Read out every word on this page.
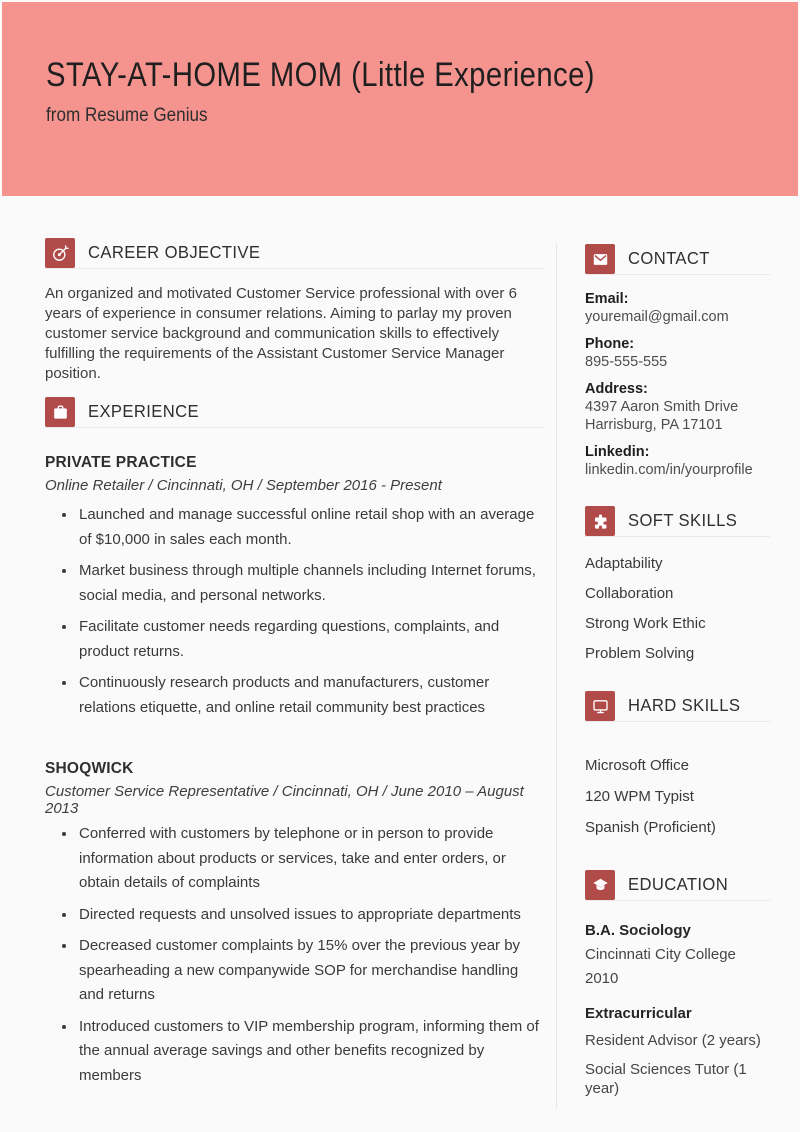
STAY-AT-HOME MOM (Little Experience)
from Resume Genius
CAREER OBJECTIVE

An organized and motivated Customer Service professional with over 6 years of experience in consumer relations. Aiming to parlay my proven customer service background and communication skills to effectively fulfilling the requirements of the Assistant Customer Service Manager position.

EXPERIENCE
PRIVATE PRACTICE
Online Retailer / Cincinnati, OH / September 2016 - Present
• Launched and manage successful online retail shop with an average of $10,000 in sales each month.
• Market business through multiple channels including Internet forums, social media, and personal networks.
• Facilitate customer needs regarding questions, complaints, and product returns.
• Continuously research products and manufacturers, customer relations etiquette, and online retail community best practices
SHOQWICK
Customer Service Representative / Cincinnati, OH / June 2010 – August 2013
• Conferred with customers by telephone or in person to provide information about products or services, take and enter orders, or obtain details of complaints
• Directed requests and unsolved issues to appropriate departments
• Decreased customer complaints by 15% over the previous year by spearheading a new companywide SOP for merchandise handling and returns
• Introduced customers to VIP membership program, informing them of the annual average savings and other benefits recognized by members
CONTACT
Email:
youremail@gmail.com
Phone:
895-555-555
Address:
4397 Aaron Smith Drive
Harrisburg, PA 17101
Linkedin:
linkedin.com/in/yourprofile
SOFT SKILLS
Adaptability
Collaboration
Strong Work Ethic
Problem Solving
HARD SKILLS
Microsoft Office
120 WPM Typist
Spanish (Proficient)
EDUCATION
B.A. Sociology
Cincinnati City College
2010
Extracurricular
Resident Advisor (2 years)
Social Sciences Tutor (1 year)
